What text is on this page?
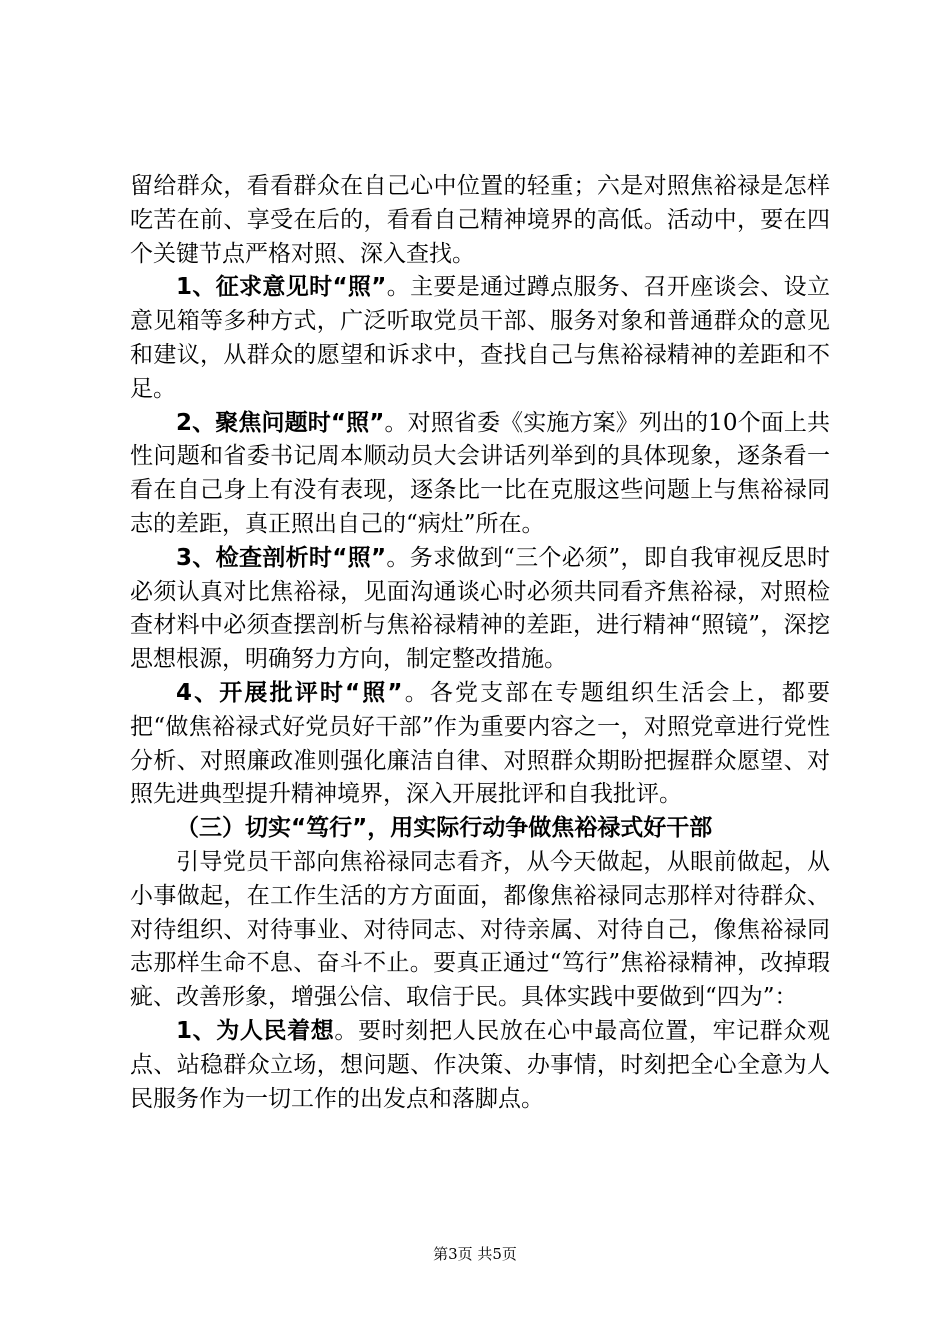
留给群众，看看群众在自己心中位置的轻重；六是对照焦裕禄是怎样吃苦在前、享受在后的，看看自己精神境界的高低。活动中，要在四个关键节点严格对照、深入查找。

1、征求意见时“照”。主要是通过蹲点服务、召开座谈会、设立意见箱等多种方式，广泛听取党员干部、服务对象和普通群众的意见和建议，从群众的愿望和诉求中，查找自己与焦裕禄精神的差距和不足。

2、聚焦问题时“照”。对照省委《实施方案》列出的10个面上共性问题和省委书记周本顺动员大会讲话列举到的具体现象，逐条看一看在自己身上有没有表现，逐条比一比在克服这些问题上与焦裕禄同志的差距，真正照出自己的“病灶”所在。

3、检查剖析时“照”。务求做到“三个必须”，即自我审视反思时必须认真对比焦裕禄，见面沟通谈心时必须共同看齐焦裕禄，对照检查材料中必须查摆剖析与焦裕禄精神的差距，进行精神“照镜”，深挖思想根源，明确努力方向，制定整改措施。

4、开展批评时“照”。各党支部在专题组织生活会上，都要把“做焦裕禄式好党员好干部”作为重要内容之一，对照党章进行党性分析、对照廉政准则强化廉洁自律、对照群众期盼把握群众愿望、对照先进典型提升精神境界，深入开展批评和自我批评。

（三）切实“笃行”，用实际行动争做焦裕禄式好干部

引导党员干部向焦裕禄同志看齐，从今天做起，从眼前做起，从小事做起，在工作生活的方方面面，都像焦裕禄同志那样对待群众、对待组织、对待事业、对待同志、对待亲属、对待自己，像焦裕禄同志那样生命不息、奋斗不止。要真正通过“笃行”焦裕禄精神，改掉瑕疵、改善形象，增强公信、取信于民。具体实践中要做到“四为”：

1、为人民着想。要时刻把人民放在心中最高位置，牢记群众观点、站稳群众立场，想问题、作决策、办事情，时刻把全心全意为人民服务作为一切工作的出发点和落脚点。

第3页 共5页
